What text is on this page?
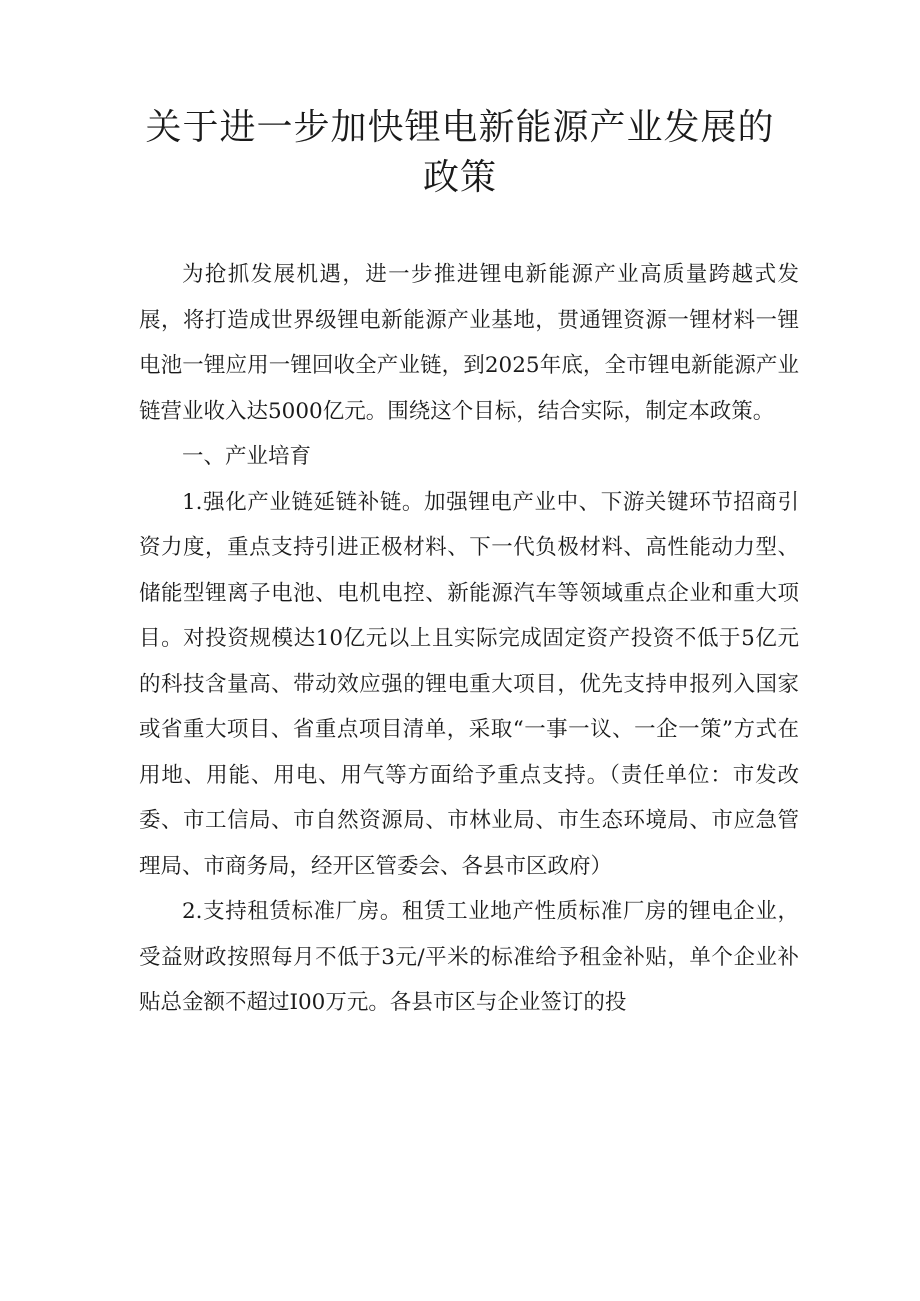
关于进一步加快锂电新能源产业发展的政策

为抢抓发展机遇，进一步推进锂电新能源产业高质量跨越式发展，将打造成世界级锂电新能源产业基地，贯通锂资源一锂材料一锂电池一锂应用一锂回收全产业链，到2025年底，全市锂电新能源产业链营业收入达5000亿元。围绕这个目标，结合实际，制定本政策。

一、产业培育

1.强化产业链延链补链。加强锂电产业中、下游关键环节招商引资力度，重点支持引进正极材料、下一代负极材料、高性能动力型、储能型锂离子电池、电机电控、新能源汽车等领域重点企业和重大项目。对投资规模达10亿元以上且实际完成固定资产投资不低于5亿元的科技含量高、带动效应强的锂电重大项目，优先支持申报列入国家或省重大项目、省重点项目清单，采取“一事一议、一企一策”方式在用地、用能、用电、用气等方面给予重点支持。（责任单位：市发改委、市工信局、市自然资源局、市林业局、市生态环境局、市应急管理局、市商务局，经开区管委会、各县市区政府）

2.支持租赁标准厂房。租赁工业地产性质标准厂房的锂电企业，受益财政按照每月不低于3元/平米的标准给予租金补贴，单个企业补贴总金额不超过I00万元。各县市区与企业签订的投
